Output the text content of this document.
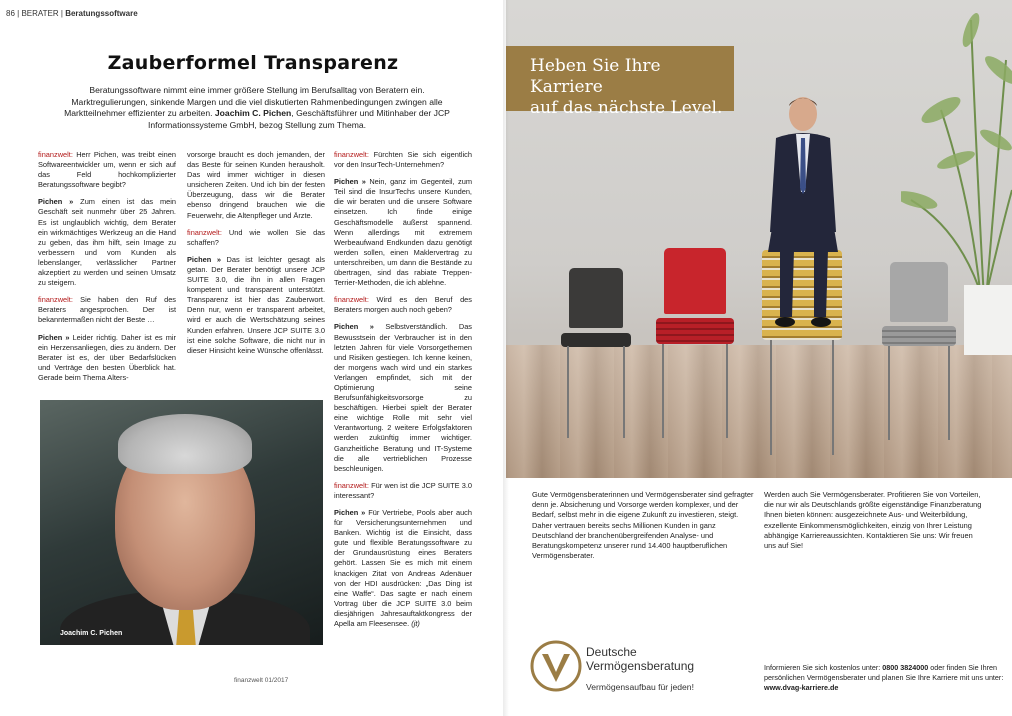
86 | BERATER | Beratungssoftware
Zauberformel Transparenz
Beratungssoftware nimmt eine immer größere Stellung im Berufsalltag von Beratern ein. Marktregulierungen, sinkende Margen und die viel diskutierten Rahmenbedingungen zwingen alle Marktteilnehmer effizienter zu arbeiten. Joachim C. Pichen, Geschäftsführer und Mitinhaber der JCP Informationssysteme GmbH, bezog Stellung zum Thema.

finanzwelt: Herr Pichen, was treibt einen Softwareentwickler um, wenn er sich auf das Feld hochkomplizierter Beratungssoftware begibt?

Pichen » Zum einen ist das mein Geschäft seit nunmehr über 25 Jahren. Es ist unglaublich wichtig, dem Berater ein wirkmächtiges Werkzeug an die Hand zu geben, das ihm hilft, sein Image zu verbessern und vom Kunden als lebenslanger, verlässlicher Partner akzeptiert zu werden und seinen Umsatz zu steigern.

finanzwelt: Sie haben den Ruf des Beraters angesprochen. Der ist bekanntermaßen nicht der Beste …

Pichen » Leider richtig. Daher ist es mir ein Herzensanliegen, dies zu ändern. Der Berater ist es, der über Bedarfslücken und Verträge den besten Überblick hat. Gerade beim Thema Alters-

vorsorge braucht es doch jemanden, der das Beste für seinen Kunden herausholt. Das wird immer wichtiger in diesen unsicheren Zeiten. Und ich bin der festen Überzeugung, dass wir die Berater ebenso dringend brauchen wie die Feuerwehr, die Altenpfleger und Ärzte.

finanzwelt: Und wie wollen Sie das schaffen?

Pichen » Das ist leichter gesagt als getan. Der Berater benötigt unsere JCP SUITE 3.0, die ihn in allen Fragen kompetent und transparent unterstützt. Transparenz ist hier das Zauberwort. Denn nur, wenn er transparent arbeitet, wird er auch die Wertschätzung seines Kunden erfahren. Unsere JCP SUITE 3.0 ist eine solche Software, die nicht nur in dieser Hinsicht keine Wünsche offenlässt.

finanzwelt: Fürchten Sie sich eigentlich vor den InsurTech-Unternehmen?

Pichen » Nein, ganz im Gegenteil, zum Teil sind die InsurTechs unsere Kunden, die wir beraten und die unsere Software einsetzen. Ich finde einige Geschäftsmodelle äußerst spannend. Wenn allerdings mit extremem Werbeaufwand Endkunden dazu genötigt werden sollen, einen Maklervertrag zu unterschreiben, um dann die Bestände zu übertragen, sind das rabiate Treppen-Terrier-Methoden, die ich ablehne.

finanzwelt: Wird es den Beruf des Beraters morgen auch noch geben?

Pichen » Selbstverständlich. Das Bewusstsein der Verbraucher ist in den letzten Jahren für viele Vorsorgethemen und Risiken gestiegen. Ich kenne keinen, der morgens wach wird und ein starkes Verlangen empfindet, sich mit der Optimierung seine Berufsunfähigkeitsvorsorge zu beschäftigen. Hierbei spielt der Berater eine wichtige Rolle mit sehr viel Verantwortung. 2 weitere Erfolgsfaktoren werden zukünftig immer wichtiger. Ganzheitliche Beratung und IT-Systeme die alle vertrieblichen Prozesse beschleunigen.

finanzwelt: Für wen ist die JCP SUITE 3.0 interessant?

Pichen » Für Vertriebe, Pools aber auch für Versicherungsunternehmen und Banken. Wichtig ist die Einsicht, dass gute und flexible Beratungssoftware zu der Grundausrüstung eines Beraters gehört. Lassen Sie es mich mit einem knackigen Zitat von Andreas Adenäuer von der HDI ausdrücken: „Das Ding ist eine Waffe“. Das sagte er nach einem Vortrag über die JCP SUITE 3.0 beim diesjährigen Jahresauftaktkongress der Apella am Fleesensee. (jt)

Joachim C. Pichen
finanzwelt 01/2017
Heben Sie Ihre Karriere
auf das nächste Level.
Gute Vermögensberaterinnen und Vermögensberater sind gefragter denn je. Absicherung und Vorsorge werden komplexer, und der Bedarf, selbst mehr in die eigene Zukunft zu investieren, steigt. Daher vertrauen bereits sechs Millionen Kunden in ganz Deutschland der branchenübergreifenden Analyse- und Beratungskompetenz unserer rund 14.400 hauptberuflichen Vermögensberater.
Werden auch Sie Vermögensberater. Profitieren Sie von Vorteilen, die nur wir als Deutschlands größte eigenständige Finanzberatung Ihnen bieten können: ausgezeichnete Aus- und Weiterbildung, exzellente Einkommensmöglichkeiten, einzig von Ihrer Leistung abhängige Karriereaussichten. Kontaktieren Sie uns: Wir freuen uns auf Sie!
Deutsche
Vermögensberatung
Vermögensaufbau für jeden!
Informieren Sie sich kostenlos unter: 0800 3824000 oder finden Sie Ihren persönlichen Vermögensberater und planen Sie Ihre Karriere mit uns unter: www.dvag-karriere.de
